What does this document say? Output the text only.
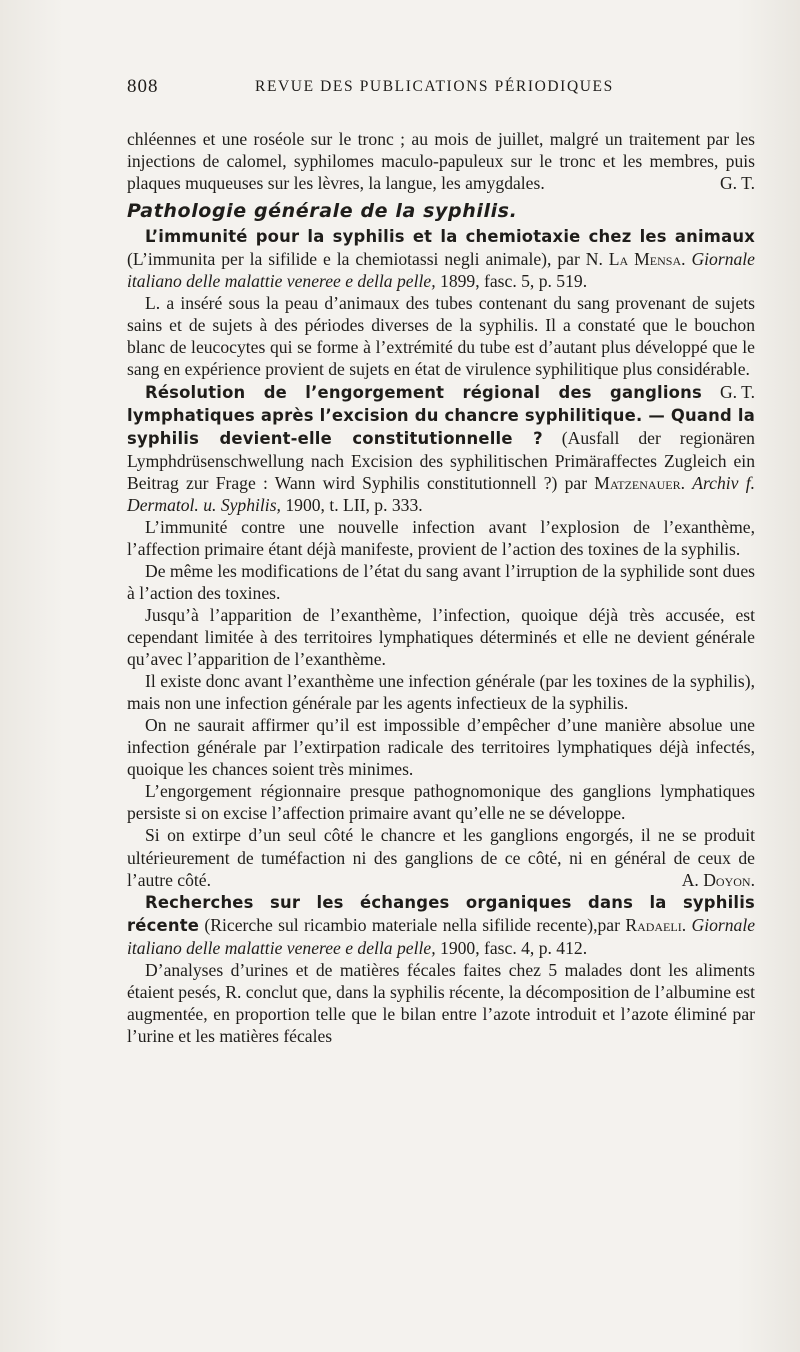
808	REVUE DES PUBLICATIONS PÉRIODIQUES

chléennes et une roséole sur le tronc ; au mois de juillet, malgré un traitement par les injections de calomel, syphilomes maculo-papuleux sur le tronc et les membres, puis plaques muqueuses sur les lèvres, la langue, les amygdales.	G. T.

Pathologie générale de la syphilis.

L’immunité pour la syphilis et la chemiotaxie chez les animaux (L’immunita per la sifilide e la chemiotassi negli animale), par N. La Mensa. Giornale italiano delle malattie veneree e della pelle, 1899, fasc. 5, p. 519.

L. a inséré sous la peau d’animaux des tubes contenant du sang provenant de sujets sains et de sujets à des périodes diverses de la syphilis. Il a constaté que le bouchon blanc de leucocytes qui se forme à l’extrémité du tube est d’autant plus développé que le sang en expérience provient de sujets en état de virulence syphilitique plus considérable.
G. T.

Résolution de l’engorgement régional des ganglions lymphatiques après l’excision du chancre syphilitique. — Quand la syphilis devient-elle constitutionnelle ? (Ausfall der regionären Lymphdrüsenschwellung nach Excision des syphilitischen Primäraffectes Zugleich ein Beitrag zur Frage : Wann wird Syphilis constitutionnell ?) par Matzenauer. Archiv f. Dermatol. u. Syphilis, 1900, t. LII, p. 333.

L’immunité contre une nouvelle infection avant l’explosion de l’exanthème, l’affection primaire étant déjà manifeste, provient de l’action des toxines de la syphilis.

De même les modifications de l’état du sang avant l’irruption de la syphilide sont dues à l’action des toxines.

Jusqu’à l’apparition de l’exanthème, l’infection, quoique déjà très accusée, est cependant limitée à des territoires lymphatiques déterminés et elle ne devient générale qu’avec l’apparition de l’exanthème.

Il existe donc avant l’exanthème une infection générale (par les toxines de la syphilis), mais non une infection générale par les agents infectieux de la syphilis.

On ne saurait affirmer qu’il est impossible d’empêcher d’une manière absolue une infection générale par l’extirpation radicale des territoires lymphatiques déjà infectés, quoique les chances soient très minimes.

L’engorgement régionnaire presque pathognomonique des ganglions lymphatiques persiste si on excise l’affection primaire avant qu’elle ne se développe.

Si on extirpe d’un seul côté le chancre et les ganglions engorgés, il ne se produit ultérieurement de tuméfaction ni des ganglions de ce côté, ni en général de ceux de l’autre côté.	A. Doyon.

Recherches sur les échanges organiques dans la syphilis récente (Ricerche sul ricambio materiale nella sifilide recente),par Radaeli. Giornale italiano delle malattie veneree e della pelle, 1900, fasc. 4, p. 412.

D’analyses d’urines et de matières fécales faites chez 5 malades dont les aliments étaient pesés, R. conclut que, dans la syphilis récente, la décomposition de l’albumine est augmentée, en proportion telle que le bilan entre l’azote introduit et l’azote éliminé par l’urine et les matières fécales
